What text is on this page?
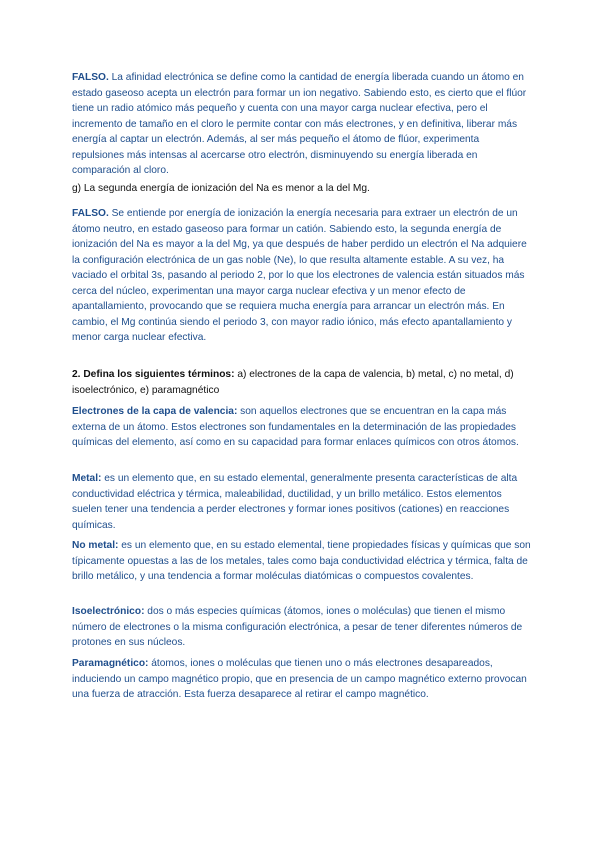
FALSO. La afinidad electrónica se define como la cantidad de energía liberada cuando un átomo en estado gaseoso acepta un electrón para formar un ion negativo. Sabiendo esto, es cierto que el flúor tiene un radio atómico más pequeño y cuenta con una mayor carga nuclear efectiva, pero el incremento de tamaño en el cloro le permite contar con más electrones, y en definitiva, liberar más energía al captar un electrón. Además, al ser más pequeño el átomo de flúor, experimenta repulsiones más intensas al acercarse otro electrón, disminuyendo su energía liberada en comparación al cloro.

g) La segunda energía de ionización del Na es menor a la del Mg.

FALSO. Se entiende por energía de ionización la energía necesaria para extraer un electrón de un átomo neutro, en estado gaseoso para formar un catión. Sabiendo esto, la segunda energía de ionización del Na es mayor a la del Mg, ya que después de haber perdido un electrón el Na adquiere la configuración electrónica de un gas noble (Ne), lo que resulta altamente estable. A su vez, ha vaciado el orbital 3s, pasando al periodo 2, por lo que los electrones de valencia están situados más cerca del núcleo, experimentan una mayor carga nuclear efectiva y un menor efecto de apantallamiento, provocando que se requiera mucha energía para arrancar un electrón más. En cambio, el Mg continúa siendo el periodo 3, con mayor radio iónico, más efecto apantallamiento y menor carga nuclear efectiva.

2. Defina los siguientes términos: a) electrones de la capa de valencia, b) metal, c) no metal, d) isoelectrónico, e) paramagnético

Electrones de la capa de valencia: son aquellos electrones que se encuentran en la capa más externa de un átomo. Estos electrones son fundamentales en la determinación de las propiedades químicas del elemento, así como en su capacidad para formar enlaces químicos con otros átomos.

Metal: es un elemento que, en su estado elemental, generalmente presenta características de alta conductividad eléctrica y térmica, maleabilidad, ductilidad, y un brillo metálico. Estos elementos suelen tener una tendencia a perder electrones y formar iones positivos (cationes) en reacciones químicas.

No metal: es un elemento que, en su estado elemental, tiene propiedades físicas y químicas que son típicamente opuestas a las de los metales, tales como baja conductividad eléctrica y térmica, falta de brillo metálico, y una tendencia a formar moléculas diatómicas o compuestos covalentes.

Isoelectrónico: dos o más especies químicas (átomos, iones o moléculas) que tienen el mismo número de electrones o la misma configuración electrónica, a pesar de tener diferentes números de protones en sus núcleos.

Paramagnético: átomos, iones o moléculas que tienen uno o más electrones desapareados, induciendo un campo magnético propio, que en presencia de un campo magnético externo provocan una fuerza de atracción. Esta fuerza desaparece al retirar el campo magnético.
